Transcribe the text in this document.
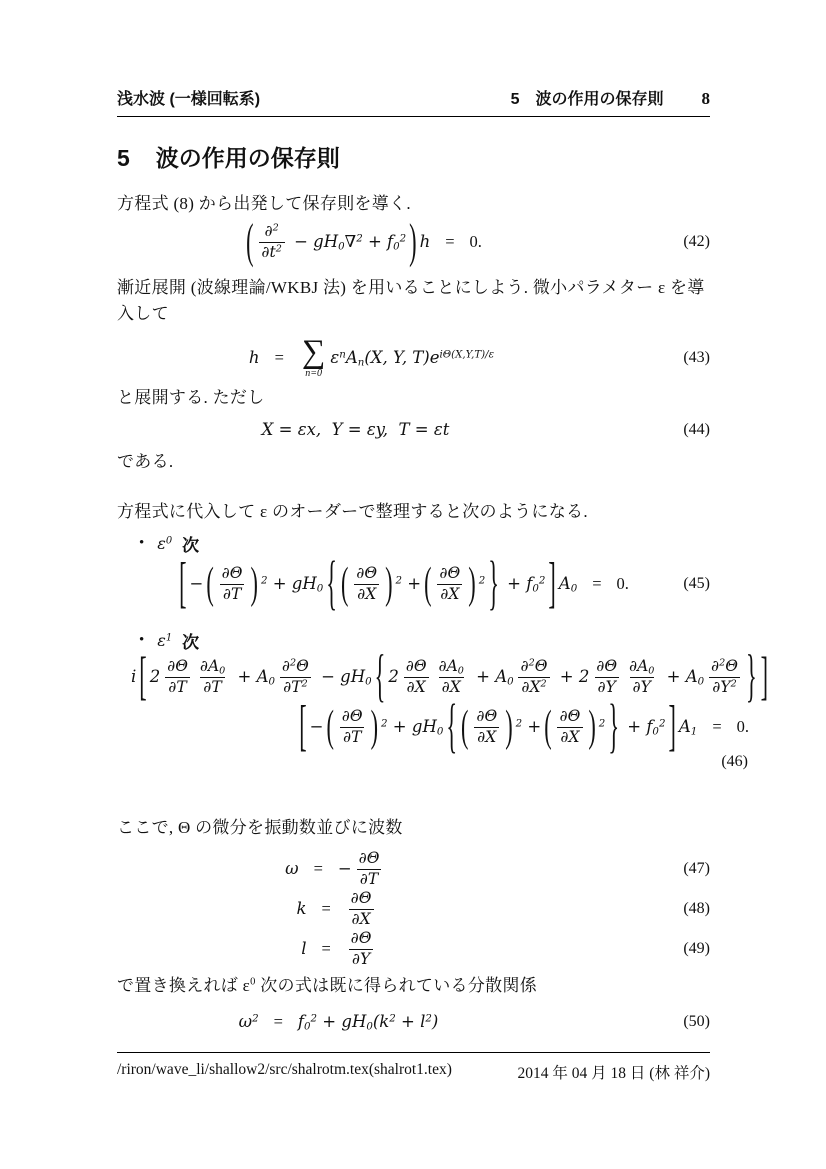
浅水波 (一様回転系)	5　波の作用の保存則 8
5 波の作用の保存則

方程式 (8) から出発して保存則を導く.

( $\frac{\partial^2}{\partial t^2} - gH_0\nabla^2 + f_0^2$ ) h = 0.	(42)

漸近展開 (波線理論/WKBJ 法) を用いることにしよう. 微小パラメター ε を導入して

h = ∑
n=0
$\varepsilon^nA_n(X$, Y, $T)e^{i\Theta(X,Y,T)/\varepsilon}$	(43)

と展開する. ただし

X = εx,  Y = εy,  T = εt	(44)

である.

方程式に代入して ε のオーダーで整理すると次のようになる.

• $\varepsilon^0$ 次
[ − ( $\frac{\partial\Theta}{\partial T}$ ) $^2 + gH_0$ { ( $\frac{\partial\Theta}{\partial X}$ ) $^2$ + ( $\frac{\partial\Theta}{\partial X}$ ) $^2$ } + $f_0^2$ ] $A_0 = 0$.	(45)
• $\varepsilon^1$ 次
i [ $2 \frac{\partial\Theta}{\partial T} \frac{\partial A_0}{\partial T} + A_0 \frac{\partial^2\Theta}{\partial T^2} - gH_0$ { $2 \frac{\partial\Theta}{\partial X} \frac{\partial A_0}{\partial X} + A_0 \frac{\partial^2\Theta}{\partial X^2} + 2 \frac{\partial\Theta}{\partial Y} \frac{\partial A_0}{\partial Y} + A_0 \frac{\partial^2\Theta}{\partial Y^2}$ } ]
[ − ( $\frac{\partial\Theta}{\partial T}$ ) $^2 + gH_0$ { ( $\frac{\partial\Theta}{\partial X}$ ) $^2$ + ( $\frac{\partial\Theta}{\partial X}$ ) $^2$ } + $f_0^2$ ] $A_1 = 0$.
(46)

ここで, Θ の微分を振動数並びに波数

ω = − $\frac{\partial\Theta}{\partial T}$	(47)
$k = \frac{\partial\Theta}{\partial X}$	(48)
$l = \frac{\partial\Theta}{\partial Y}$	(49)

で置き換えれば $\varepsilon^0$ 次の式は既に得られている分散関係

$\omega^2 = f_0^2 + gH_0(k^2 + l^2)$	(50)
/riron/wave_li/shallow2/src/shalrotm.tex(shalrot1.tex)	2014 年 04 月 18 日 (林 祥介)
